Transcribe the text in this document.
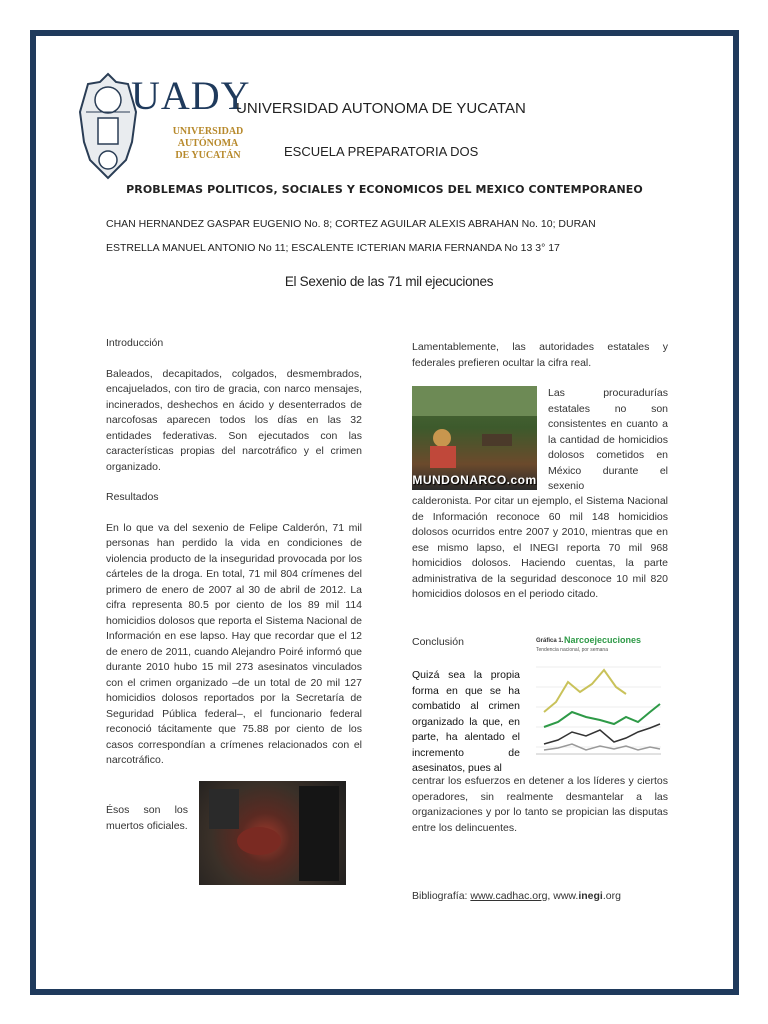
UADY
UNIVERSIDAD
AUTÓNOMA
DE YUCATÁN
UNIVERSIDAD AUTONOMA DE YUCATAN
ESCUELA PREPARATORIA DOS
PROBLEMAS POLITICOS, SOCIALES Y ECONOMICOS DEL MEXICO CONTEMPORANEO
CHAN HERNANDEZ GASPAR EUGENIO No. 8; CORTEZ AGUILAR ALEXIS ABRAHAN No. 10; DURAN
ESTRELLA MANUEL ANTONIO No 11; ESCALENTE ICTERIAN MARIA FERNANDA No 13 3° 17
El Sexenio de las 71 mil ejecuciones

Introducción

Baleados, decapitados, colgados, desmembrados, encajuelados, con tiro de gracia, con narco mensajes, incinerados, deshechos en ácido y desenterrados de narcofosas aparecen todos los días en las 32 entidades federativas. Son ejecutados con las características propias del narcotráfico y el crimen organizado.

Resultados

En lo que va del sexenio de Felipe Calderón, 71 mil personas han perdido la vida en condiciones de violencia producto de la inseguridad provocada por los cárteles de la droga. En total, 71 mil 804 crímenes del primero de enero de 2007 al 30 de abril de 2012. La cifra representa 80.5 por ciento de los 89 mil 114 homicidios dolosos que reporta el Sistema Nacional de Información en ese lapso. Hay que recordar que el 12 de enero de 2011, cuando Alejandro Poiré informó que durante 2010 hubo 15 mil 273 asesinatos vinculados con el crimen organizado –de un total de 20 mil 127 homicidios dolosos reportados por la Secretaría de Seguridad Pública federal–, el funcionario federal reconoció tácitamente que 75.88 por ciento de los casos correspondían a crímenes relacionados con el narcotráfico.

Ésos son los muertos oficiales.
Lamentablemente, las autoridades estatales y federales prefieren ocultar la cifra real.
MUNDONARCO.com
Las procuradurías estatales no son consistentes en cuanto a la cantidad de homicidios dolosos cometidos en México durante el sexenio
calderonista. Por citar un ejemplo, el Sistema Nacional de Información reconoce 60 mil 148 homicidios dolosos ocurridos entre 2007 y 2010, mientras que en ese mismo lapso, el INEGI reporta 70 mil 968 homicidios dolosos. Haciendo cuentas, la parte administrativa de la seguridad desconoce 10 mil 820 homicidios dolosos en el periodo citado.
Conclusión	Gráfica 1. Narcoejecuciones
Tendencia nacional, por semana
Quizá sea la propia forma en que se ha combatido al crimen organizado la que, en parte, ha alentado el incremento de asesinatos, pues al
centrar los esfuerzos en detener a los líderes y ciertos operadores, sin realmente desmantelar a las organizaciones y por lo tanto se propician las disputas entre los delincuentes.
Bibliografía: www.cadhac.org, www.inegi.org
